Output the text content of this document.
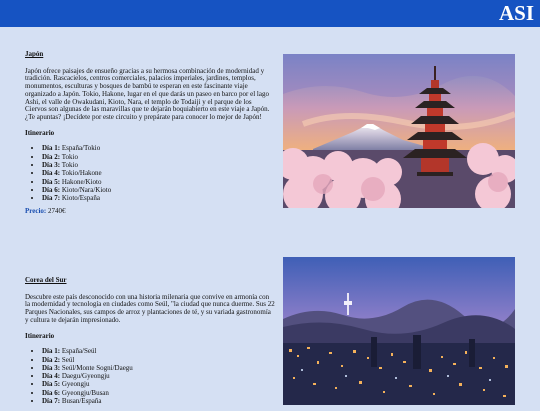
ASI
Japón

Japón ofrece paisajes de ensueño gracias a su hermosa combinación de modernidad y tradición. Rascacielos, centros comerciales, palacios imperiales, jardines, templos, monumentos, esculturas y bosques de bambú te esperan en este fascinante viaje organizado a Japón. Tokio, Hakone, lugar en el que darás un paseo en barco por el lago Ashi, el valle de Owakudani, Kioto, Nara, el templo de Todaiji y el parque de los Ciervos son algunas de las maravillas que te dejarán boquiabierto en este viaje a Japón. ¿Te apuntas? ¡Decídete por este circuito y prepárate para conocer lo mejor de Japón!

Itinerario
• Día 1: España/Tokio
• Día 2: Tokio
• Día 3: Tokio
• Día 4: Tokio/Hakone
• Día 5: Hakone/Kioto
• Día 6: Kioto/Nara/Kioto
• Día 7: Kioto/España

Precio: 2740€

Corea del Sur

Descubre este país desconocido con una historia milenaria que convive en armonía con la modernidad y tecnología en ciudades como Seúl, "la ciudad que nunca duerme. Sus 22 Parques Nacionales, sus campos de arroz y plantaciones de té, y su variada gastronomía y cultura te dejarán impresionado.

Itinerario
• Día 1: España/Seúl
• Día 2: Seúl
• Día 3: Seúl/Monte Sogni/Daegu
• Día 4: Daegu/Gyeongju
• Día 5: Gyeongju
• Día 6: Gyeongju/Busan
• Día 7: Busan/España
